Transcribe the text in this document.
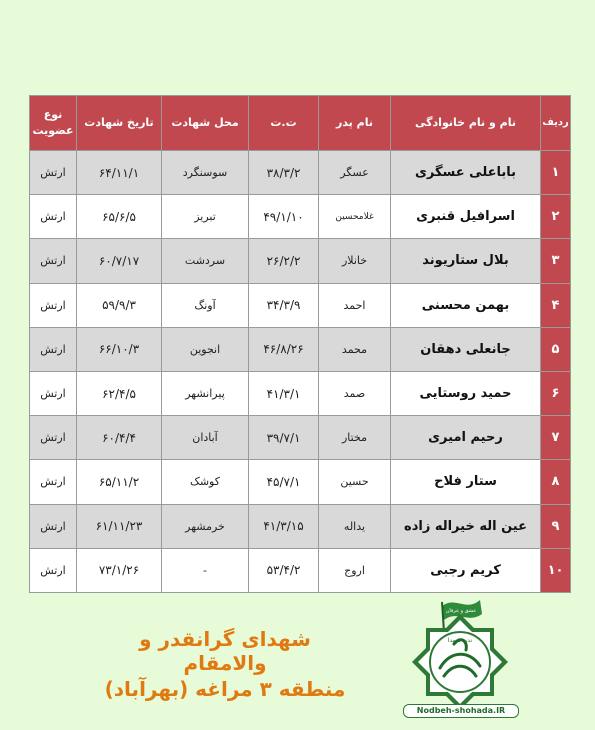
ردیف	نام و نام خانوادگی	نام پدر	ت.ت	محل شهادت	تاریخ شهادت	نوع عضویت
۱	باباعلی عسگری	عسگر	۳۸/۳/۲	سوسنگرد	۶۴/۱۱/۱	ارتش
۲	اسرافیل قنبری	غلامحسین	۴۹/۱/۱۰	تبریز	۶۵/۶/۵	ارتش
۳	بلال ستاریوند	خانلار	۲۶/۲/۲	سردشت	۶۰/۷/۱۷	ارتش
۴	بهمن محسنی	احمد	۳۴/۳/۹	آونگ	۵۹/۹/۳	ارتش
۵	جانعلی دهقان	محمد	۴۶/۸/۲۶	انجوین	۶۶/۱۰/۳	ارتش
۶	حمید روستایی	صمد	۴۱/۳/۱	پیرانشهر	۶۲/۴/۵	ارتش
۷	رحیم امیری	مختار	۳۹/۷/۱	آبادان	۶۰/۴/۴	ارتش
۸	ستار فلاح	حسین	۴۵/۷/۱	کوشک	۶۵/۱۱/۲	ارتش
۹	عین اله خیراله زاده	یداله	۴۱/۳/۱۵	خرمشهر	۶۱/۱۱/۲۳	ارتش
۱۰	کریم رجبی	اروج	۵۳/۴/۲	-	۷۳/۱/۲۶	ارتش
شهدای گرانقدر و والامقام
منطقه ۳ مراغه (بهرآباد)
عشق و عرفان
ندبه شهدا
Nodbeh-shohada.IR
